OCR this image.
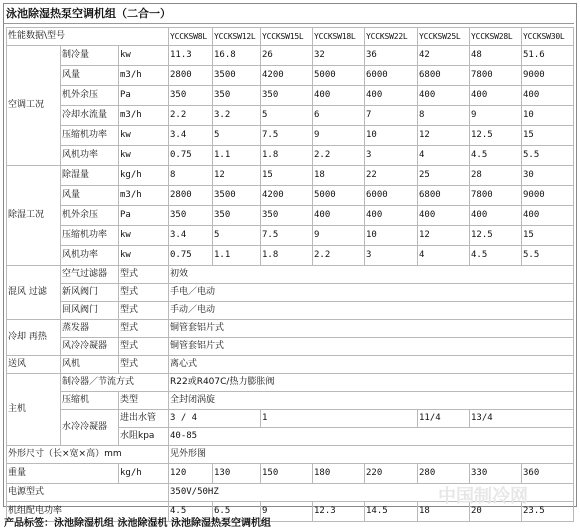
泳池除湿热泵空调机组（二合一）
性能数据\型号			YCCKSW8L	YCCKSW12L	YCCKSW15L	YCCKSW18L	YCCKSW22L	YCCKSW25L	YCCKSW28L	YCCKSW30L
空调工况	制冷量	kw	11.3	16.8	26	32	36	42	48	51.6
	风量	m3/h	2800	3500	4200	5000	6000	6800	7800	9000
	机外余压	Pa	350	350	350	400	400	400	400	400
	冷却水流量	m3/h	2.2	3.2	5	6	7	8	9	10
	压缩机功率	kw	3.4	5	7.5	9	10	12	12.5	15
	风机功率	kw	0.75	1.1	1.8	2.2	3	4	4.5	5.5
除湿工况	除湿量	kg/h	8	12	15	18	22	25	28	30
	风量	m3/h	2800	3500	4200	5000	6000	6800	7800	9000
	机外余压	Pa	350	350	350	400	400	400	400	400
	压缩机功率	kw	3.4	5	7.5	9	10	12	12.5	15
	风机功率	kw	0.75	1.1	1.8	2.2	3	4	4.5	5.5
混风 过滤	空气过滤器	型式	初效							
	新风阀门	型式	手电／电动							
	回风阀门	型式	手动／电动							
冷却 再热	蒸发器	型式	铜管套铝片式							
	风冷冷凝器	型式	铜管套铝片式							
送风	风机	型式	离心式							
主机	制冷器／节流方式		R22或R407C/热力膨胀阀							
	压缩机	类型	全封闭涡旋							
	水冷冷凝器	进出水管	3 / 4		1			11/4	13/4	
		水阻kpa	40-85							
外形尺寸（长×宽×高）mm			见外形图							
重量		kg/h	120	130	150	180	220	280	330	360
电源型式			350V/50HZ							
机组配电功率			4.5	6.5	9	12.3	14.5	18	20	23.5
中国制冷网
产品标签：泳池除湿机组 泳池除湿机 泳池除湿热泵空调机组
